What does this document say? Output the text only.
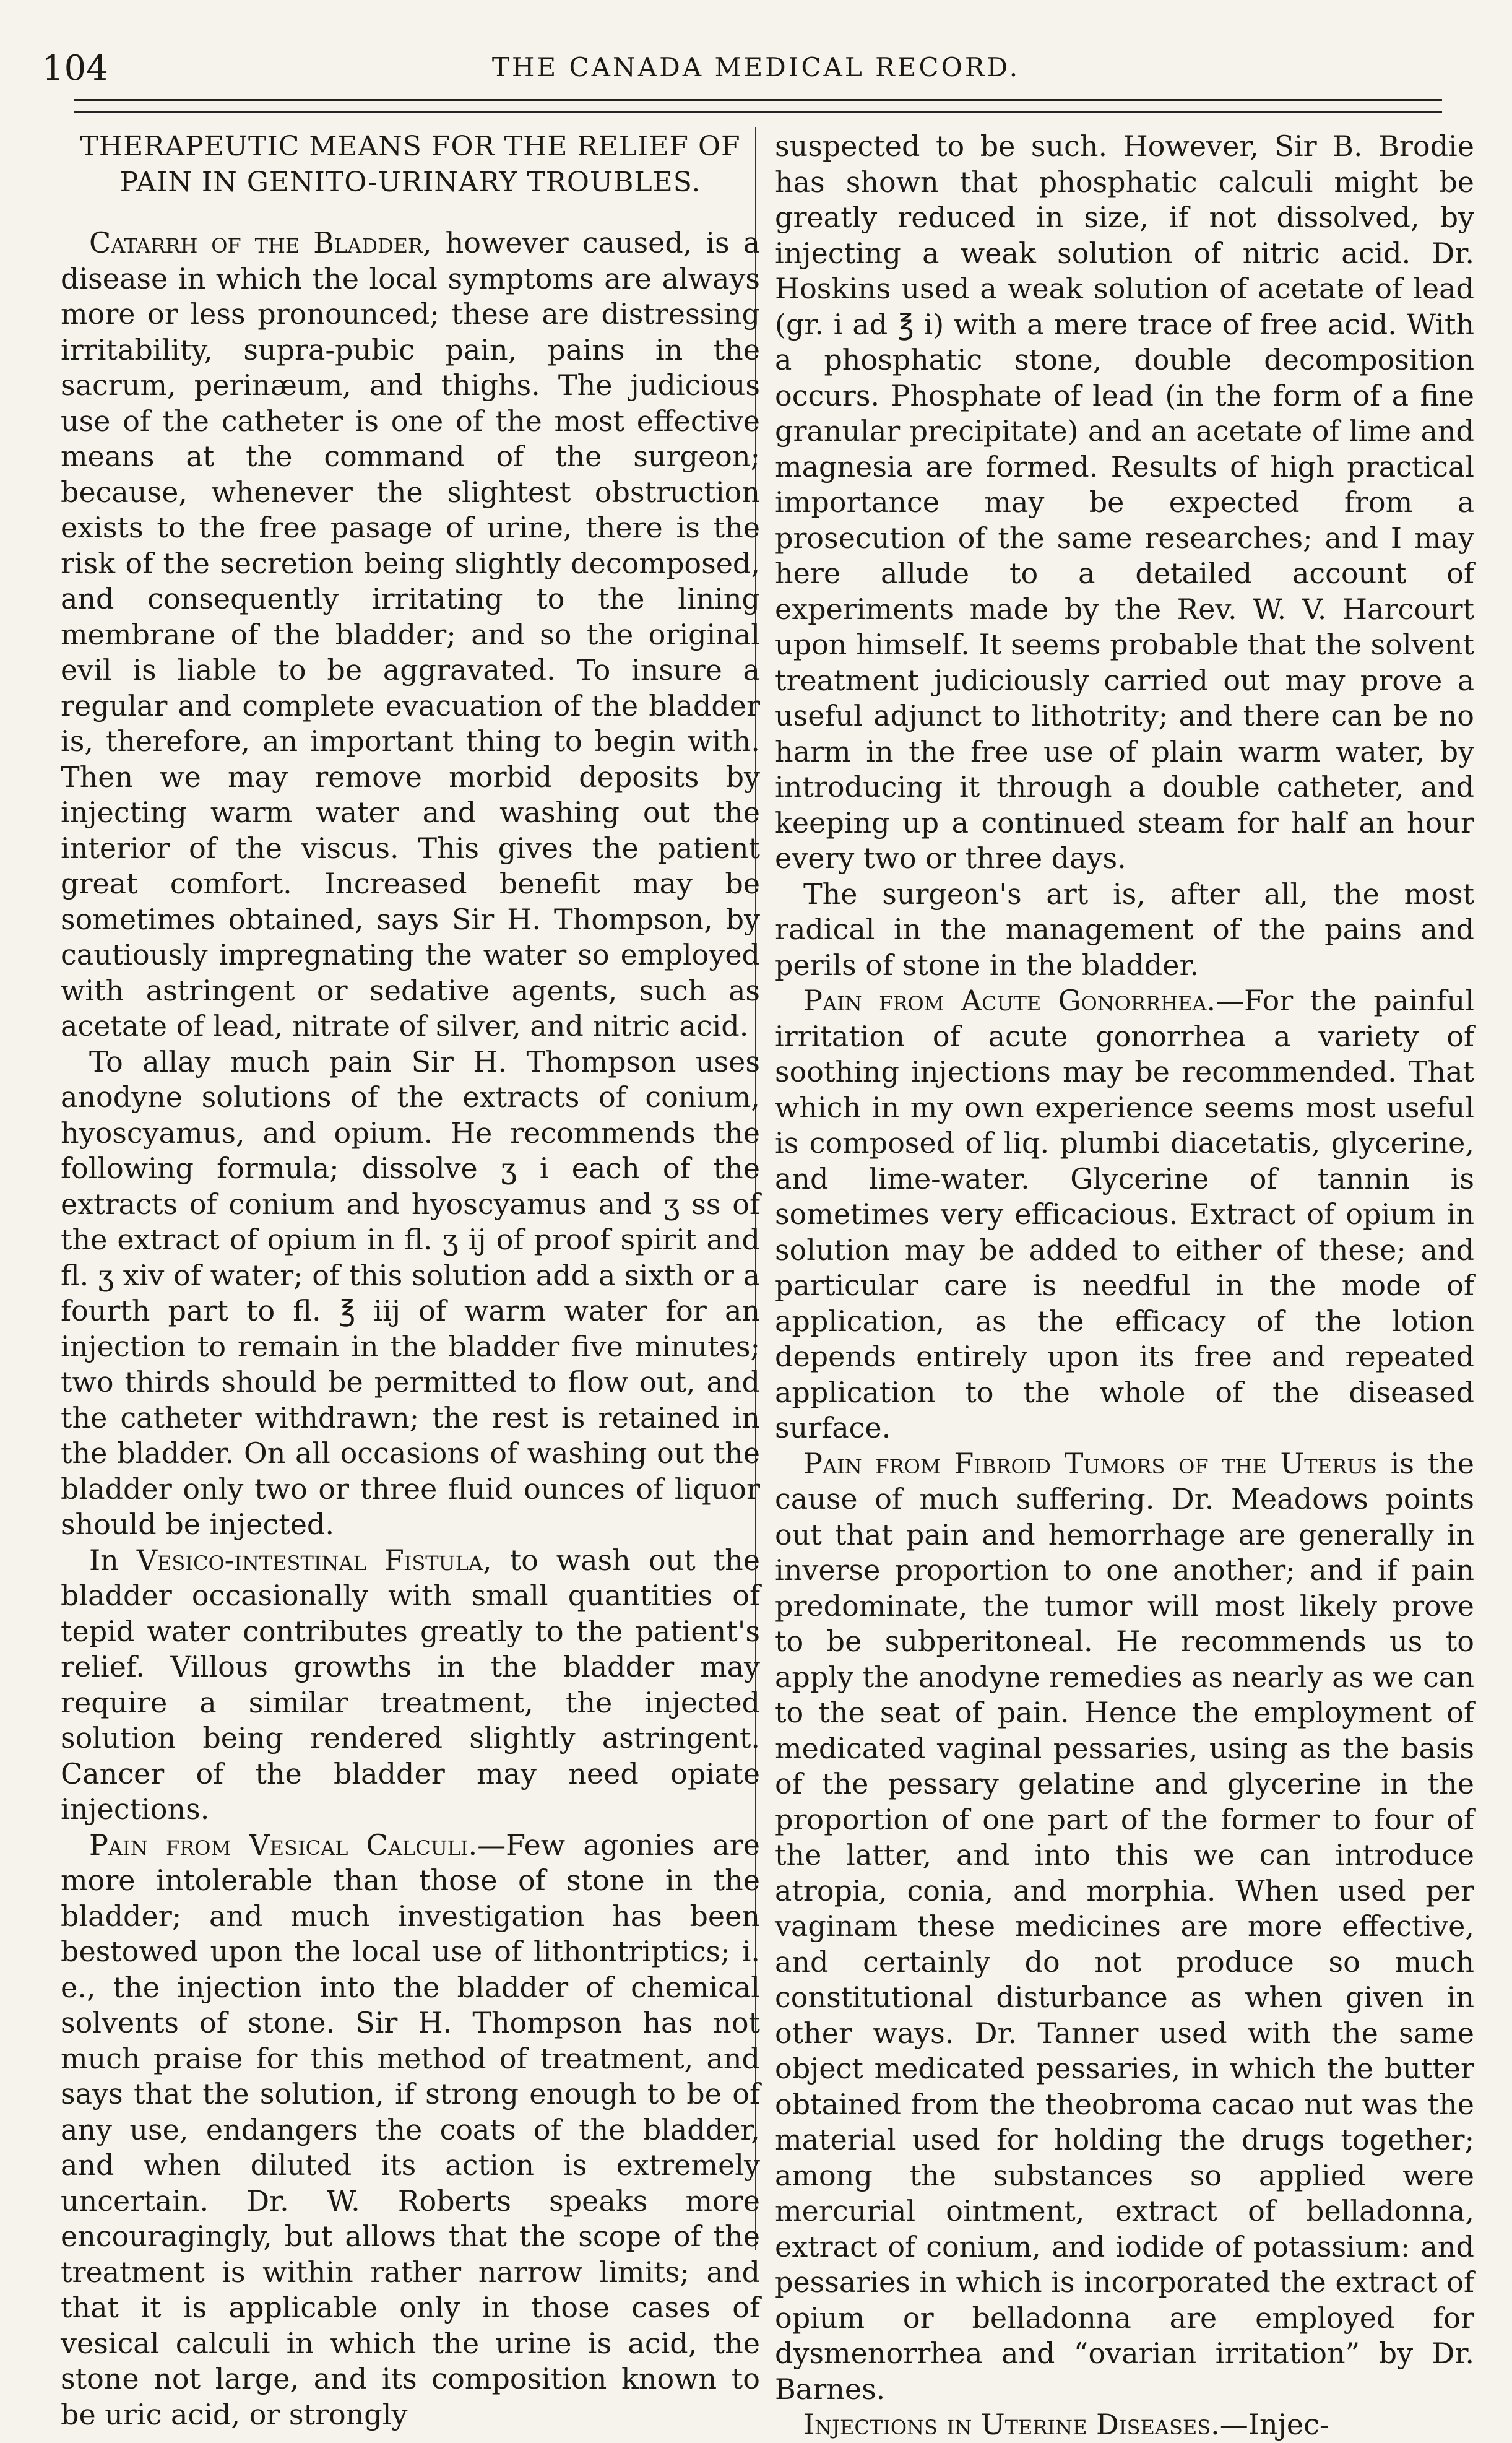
104	THE CANADA MEDICAL RECORD.
THERAPEUTIC MEANS FOR THE RELIEF OF PAIN IN GENITO-URINARY TROUBLES.

Catarrh of the Bladder, however caused, is a disease in which the local symptoms are always more or less pronounced; these are distressing irritability, supra-pubic pain, pains in the sacrum, perinæum, and thighs. The judicious use of the catheter is one of the most effective means at the command of the surgeon; because, whenever the slightest obstruction exists to the free pasage of urine, there is the risk of the secretion being slightly decomposed, and consequently irritating to the lining membrane of the bladder; and so the original evil is liable to be aggravated. To insure a regular and complete evacuation of the bladder is, therefore, an important thing to begin with. Then we may remove morbid deposits by injecting warm water and washing out the interior of the viscus. This gives the patient great comfort. Increased benefit may be sometimes obtained, says Sir H. Thompson, by cautiously impregnating the water so employed with astringent or sedative agents, such as acetate of lead, nitrate of silver, and nitric acid.

To allay much pain Sir H. Thompson uses anodyne solutions of the extracts of conium, hyoscyamus, and opium. He recommends the following formula; dissolve ʒ i each of the extracts of conium and hyoscyamus and ʒ ss of the extract of opium in fl. ʒ ij of proof spirit and fl. ʒ xiv of water; of this solution add a sixth or a fourth part to fl. ℥ iij of warm water for an injection to remain in the bladder five minutes; two thirds should be permitted to flow out, and the catheter withdrawn; the rest is retained in the bladder. On all occasions of washing out the bladder only two or three fluid ounces of liquor should be injected.

In Vesico-intestinal Fistula, to wash out the bladder occasionally with small quantities of tepid water contributes greatly to the patient's relief. Villous growths in the bladder may require a similar treatment, the injected solution being rendered slightly astringent. Cancer of the bladder may need opiate injections.

Pain from Vesical Calculi.—Few agonies are more intolerable than those of stone in the bladder; and much investigation has been bestowed upon the local use of lithontriptics; i. e., the injection into the bladder of chemical solvents of stone. Sir H. Thompson has not much praise for this method of treatment, and says that the solution, if strong enough to be of any use, endangers the coats of the bladder, and when diluted its action is extremely uncertain. Dr. W. Roberts speaks more encouragingly, but allows that the scope of the treatment is within rather narrow limits; and that it is applicable only in those cases of vesical calculi in which the urine is acid, the stone not large, and its composition known to be uric acid, or strongly

suspected to be such. However, Sir B. Brodie has shown that phosphatic calculi might be greatly reduced in size, if not dissolved, by injecting a weak solution of nitric acid. Dr. Hoskins used a weak solution of acetate of lead (gr. i ad ℥ i) with a mere trace of free acid. With a phosphatic stone, double decomposition occurs. Phosphate of lead (in the form of a fine granular precipitate) and an acetate of lime and magnesia are formed. Results of high practical importance may be expected from a prosecution of the same researches; and I may here allude to a detailed account of experiments made by the Rev. W. V. Harcourt upon himself. It seems probable that the solvent treatment judiciously carried out may prove a useful adjunct to lithotrity; and there can be no harm in the free use of plain warm water, by introducing it through a double catheter, and keeping up a continued steam for half an hour every two or three days.

The surgeon's art is, after all, the most radical in the management of the pains and perils of stone in the bladder.

Pain from Acute Gonorrhea.—For the painful irritation of acute gonorrhea a variety of soothing injections may be recommended. That which in my own experience seems most useful is composed of liq. plumbi diacetatis, glycerine, and lime-water. Glycerine of tannin is sometimes very efficacious. Extract of opium in solution may be added to either of these; and particular care is needful in the mode of application, as the efficacy of the lotion depends entirely upon its free and repeated application to the whole of the diseased surface.

Pain from Fibroid Tumors of the Uterus is the cause of much suffering. Dr. Meadows points out that pain and hemorrhage are generally in inverse proportion to one another; and if pain predominate, the tumor will most likely prove to be subperitoneal. He recommends us to apply the anodyne remedies as nearly as we can to the seat of pain. Hence the employment of medicated vaginal pessaries, using as the basis of the pessary gelatine and glycerine in the proportion of one part of the former to four of the latter, and into this we can introduce atropia, conia, and morphia. When used per vaginam these medicines are more effective, and certainly do not produce so much constitutional disturbance as when given in other ways. Dr. Tanner used with the same object medicated pessaries, in which the butter obtained from the theobroma cacao nut was the material used for holding the drugs together; among the substances so applied were mercurial ointment, extract of belladonna, extract of conium, and iodide of potassium: and pessaries in which is incorporated the extract of opium or belladonna are employed for dysmenorrhea and “ovarian irritation” by Dr. Barnes.

Injections in Uterine Diseases.—Injec-
